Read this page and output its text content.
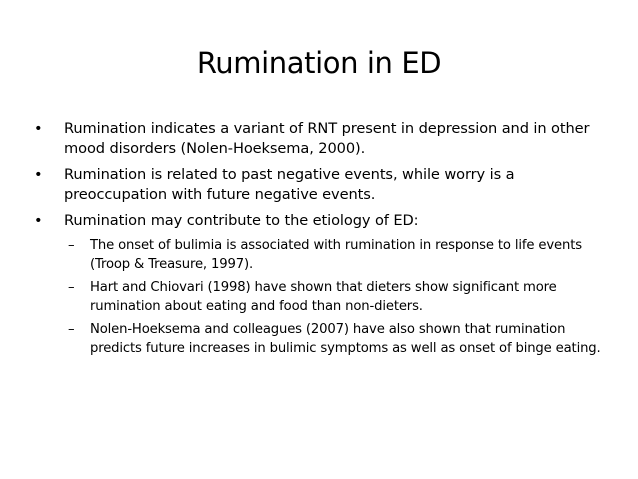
Rumination in ED
• Rumination indicates a variant of RNT present in depression and in other mood disorders (Nolen-Hoeksema, 2000).
• Rumination is related to past negative events, while worry is a preoccupation with future negative events.
• Rumination may contribute to the etiology of ED:
– The onset of bulimia is associated with rumination in response to life events (Troop & Treasure, 1997).
– Hart and Chiovari (1998) have shown that dieters show significant more rumination about eating and food than non-dieters.
– Nolen-Hoeksema and colleagues (2007) have also shown that rumination predicts future increases in bulimic symptoms as well as onset of binge eating.
